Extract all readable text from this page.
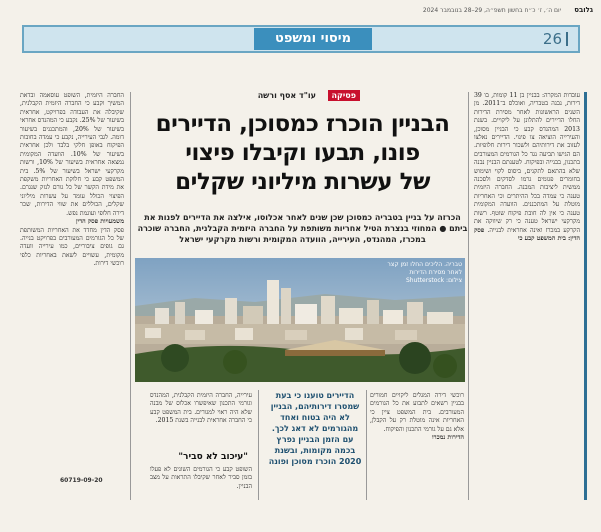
יום ה׳, ז׳ כ״ח בחשון תשפ״ה, 29–28 בנובמבר 2024 גלובס
מיסוי ומשפט	26
פסיקה
עו"ד אסף ורשה
הבניין הוכרז כמסוכן, הדיירים
פונו, תבעו וקיבלו פיצוי
של עשרות מיליוני שקלים
הכרזה על בניין בטבריה כמסוכן שכן שנים לאחר אכלוסו, אילצה את הדיירים לפנות את ביתם ● המחוזי בנצרת הטיל אחריות משותפת על החברה היזמית הקבלנית, החברה שוכרה במכרז, המהנדס, העירייה, הוועדה המקומית ורשות מקרקעי ישראל
טבריה. הליכים החלו זמן קצר לאחר מסירת הדירות
צילום: Shutterstock
עובדות המקרה: בבניין בן 11 קומות, בו 39 דירות, נבנה בטבריה, ואוכלס ב־2011. מן השנים הראשונות לאחר מסירת הדירות החלו הדיירים להתלונן על ליקויים. בשנת 2013 המהנדס קבע כי הבניין מסוכן, והעירייה הוציאה צו פינוי. הדיירים נאלצו לעזוב את דירותיהם ולשכור דירות חלופיות. הם הגישו תביעה נגד כל הגורמים המעורבים בתכנון, בבנייה ובפיקוח. לטענתם הבניין נבנה שלא בהתאם לתקנים, ביסוס לקוי ושימוש בחומרים פגומים גרמו לסדקים ולסכנה ממשית ליציבות המבנה. החברה היזמית טענה כי עמדה בכל ההיתרים וכי האחריות מוטלת על המתכננים. הוועדה המקומית טענה כי אין לה חובת פיקוח שוטף. רשות מקרקעי ישראל טענה כי רק שיווקה את הקרקע במכרז ואינה אחראית לבנייה. פסק הדין: בית המשפט קבע כי
החברה היזמית, השופט עוסאמה ובדאת המשיך וקבע כי החברה היזמית הקבלנית, שקיבלה את העבודה בפרויקט, אחראית בשיעור של 25%. נקבע כי המהנדס אחראי בשיעור של 20%, והמתכננים בשיעור דומה. לגבי העירייה, נקבע כי עמדה בחובות הפיקוח באופן חלקי בלבד ולכן אחראית בשיעור של 10%. הוועדה המקומית נמצאה אחראית בשיעור של 10%, ורשות מקרקעי ישראל בשיעור של 5%. בית המשפט קבע כי חלוקת האחריות משקפת את מידת הקשר של כל גורם לנזק שנגרם. הפיצוי הכולל עומד על עשרות מיליוני שקלים, הכוללים את שווי הדירות, שכר דירה חלופי ועוגמת נפש.
משמעויות פסק הדין
פסק הדין מחדד את האחריות המשותפת של כל הגורמים המעורבים בפרויקט בנייה. גם גופים ציבוריים, כמו עירייה וועדה מקומית, עשויים לשאת באחריות כלפי רוכשי דירות.
60719-09-20
רוכשי דירה המגלים ליקויים חמורים בבניין רשאים לתבוע את כל הגורמים המעורבים. בית המשפט ציין כי האחריות אינה מוטלת רק על הקבלן, אלא גם על גורמי התכנון והפיקוח.
הדירות נמכרו
הדיירים טוענו כי בעת שמסרו דירותיהם, הבניין לא היה בטוח ואחד מהגורמים לא דאג לכך. עם הזמן הבניין נפרץ בכמה מקומות, ובשנת 2020 הוכרז מסוכן ופונה
עירייה, החברה היזמית הקבלנית, המהנדס וגורמי התכנון שאיפשרו אכלוס של מבנה שלא היה ראוי למגורים. בית המשפט קבע כי החברה אחראית לבנייה בשנת 2015.
"עיכוב לא סביר"
השופט קבע כי הגורמים השונים לא פעלו בזמן סביר לאחר שקיבלו התראות על מצב הבניין.
